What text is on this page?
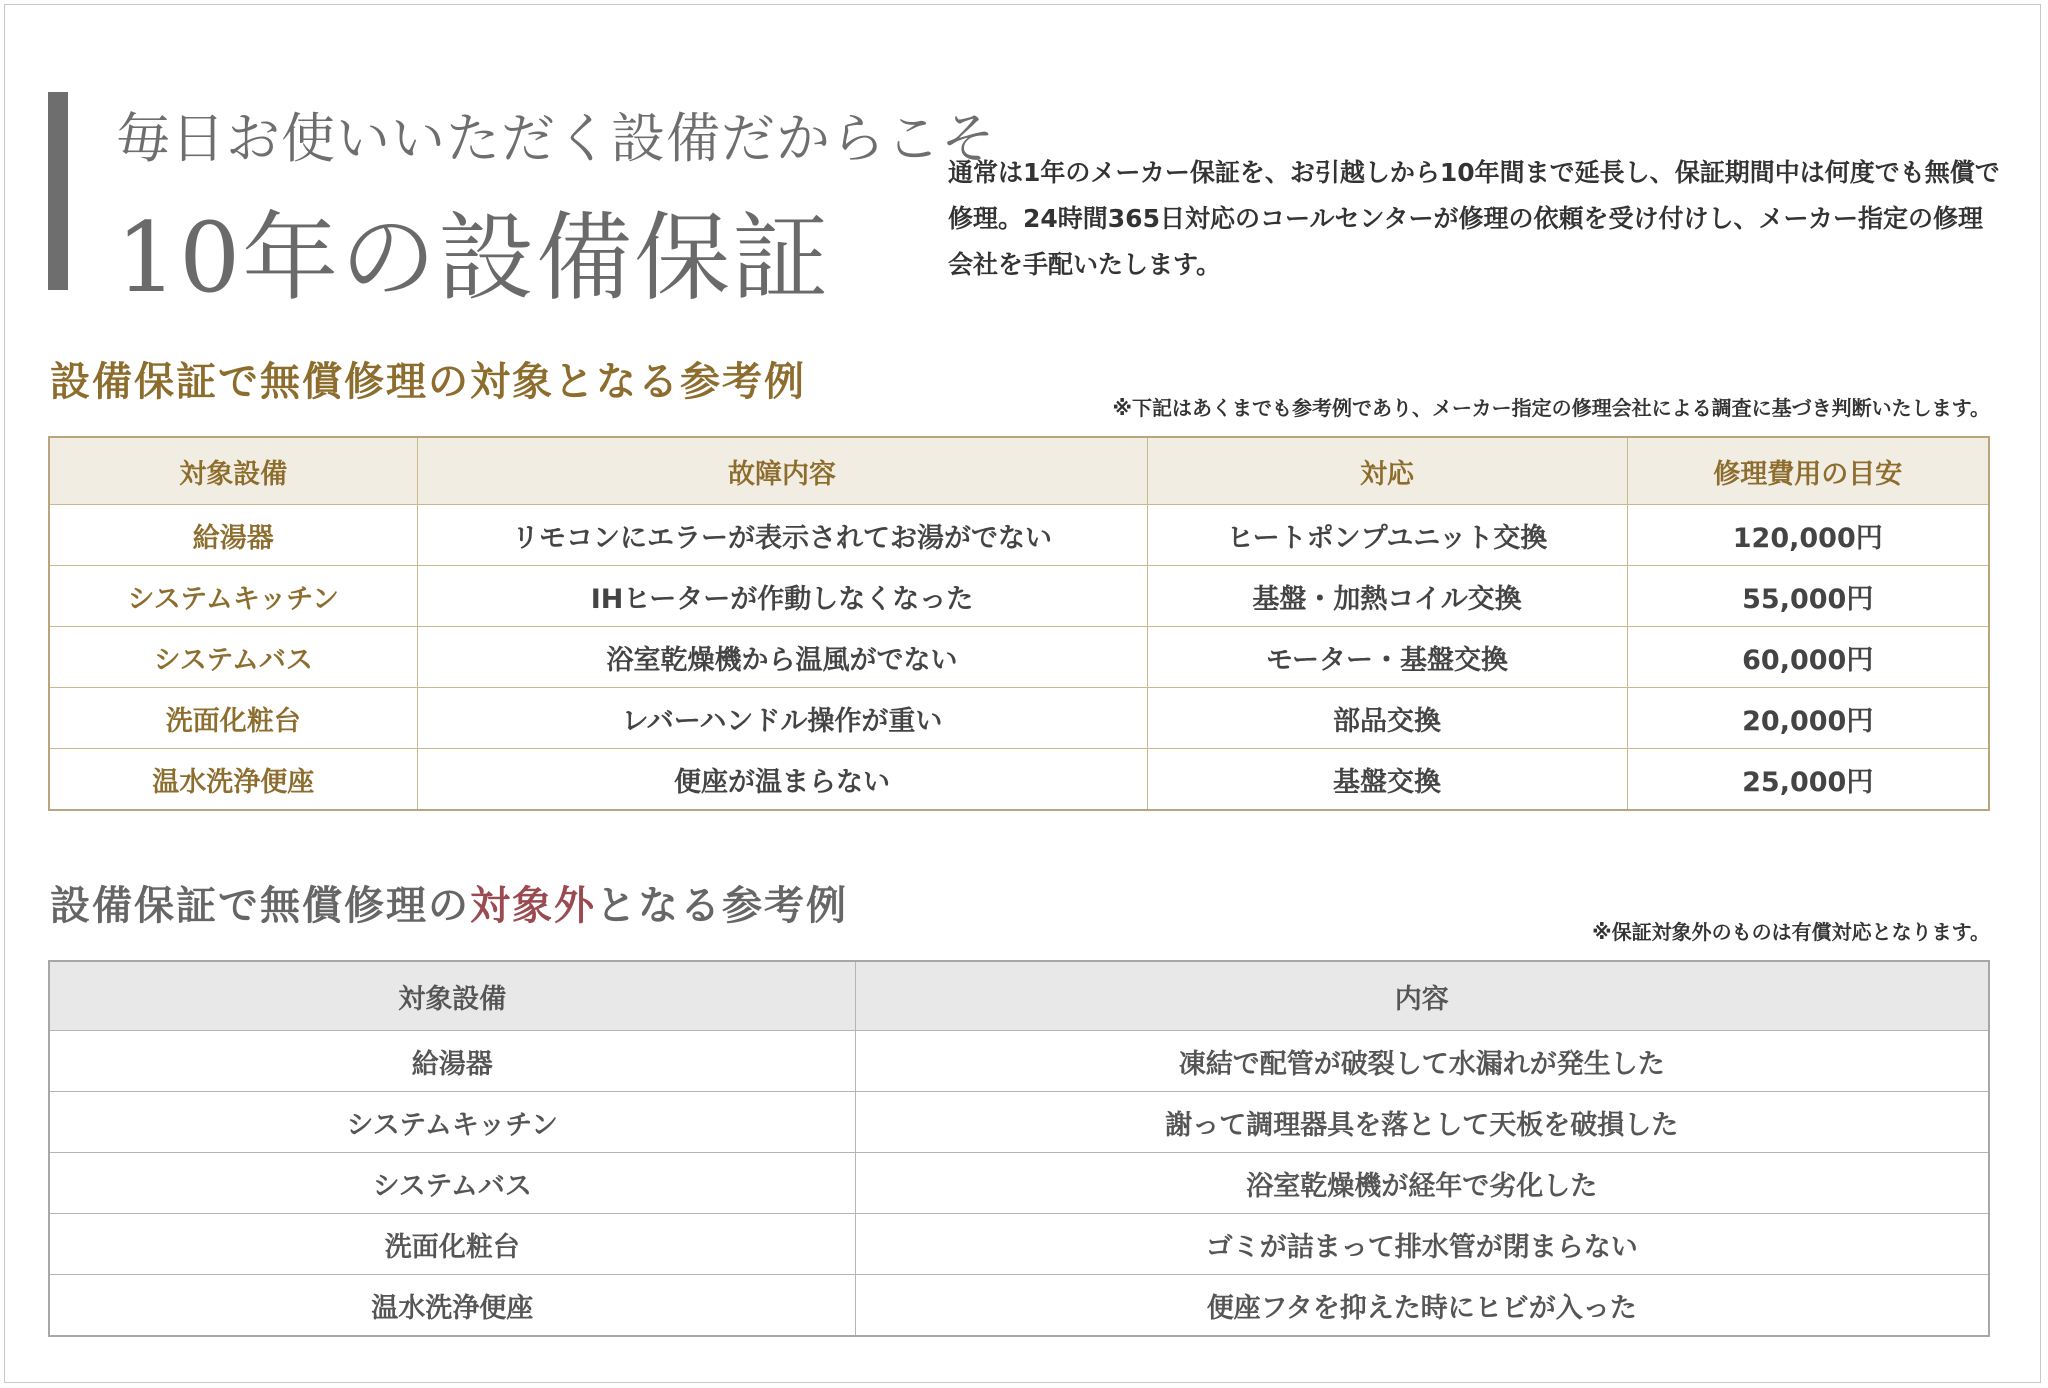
毎日お使いいただく設備だからこそ
10年の設備保証
通常は1年のメーカー保証を、お引越しから10年間まで延長し、保証期間中は何度でも無償で修理。24時間365日対応のコールセンターが修理の依頼を受け付けし、メーカー指定の修理会社を手配いたします。
設備保証で無償修理の対象となる参考例
※下記はあくまでも参考例であり、メーカー指定の修理会社による調査に基づき判断いたします。
対象設備	故障内容	対応	修理費用の目安
給湯器	リモコンにエラーが表示されてお湯がでない	ヒートポンプユニット交換	120,000円
システムキッチン	IHヒーターが作動しなくなった	基盤・加熱コイル交換	55,000円
システムバス	浴室乾燥機から温風がでない	モーター・基盤交換	60,000円
洗面化粧台	レバーハンドル操作が重い	部品交換	20,000円
温水洗浄便座	便座が温まらない	基盤交換	25,000円
設備保証で無償修理の対象外となる参考例
※保証対象外のものは有償対応となります。
対象設備	内容
給湯器	凍結で配管が破裂して水漏れが発生した
システムキッチン	謝って調理器具を落として天板を破損した
システムバス	浴室乾燥機が経年で劣化した
洗面化粧台	ゴミが詰まって排水管が閉まらない
温水洗浄便座	便座フタを抑えた時にヒビが入った
